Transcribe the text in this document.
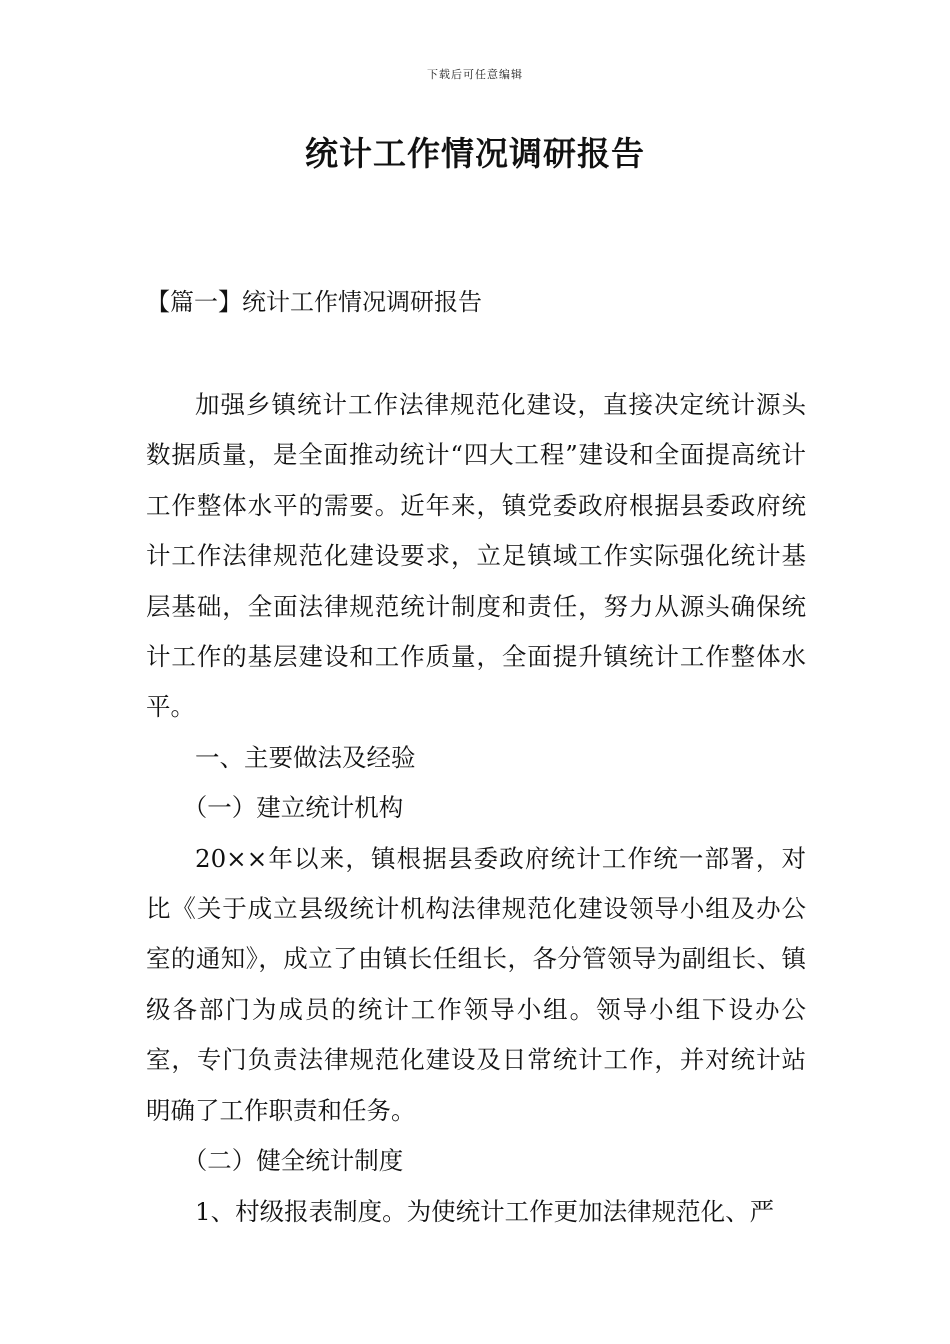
下载后可任意编辑
统计工作情况调研报告
【篇一】统计工作情况调研报告

加强乡镇统计工作法律规范化建设，直接决定统计源头数据质量，是全面推动统计“四大工程”建设和全面提高统计工作整体水平的需要。近年来，镇党委政府根据县委政府统计工作法律规范化建设要求，立足镇域工作实际强化统计基层基础，全面法律规范统计制度和责任，努力从源头确保统计工作的基层建设和工作质量，全面提升镇统计工作整体水平。

一、主要做法及经验

（一）建立统计机构

20××年以来，镇根据县委政府统计工作统一部署，对比《关于成立县级统计机构法律规范化建设领导小组及办公室的通知》，成立了由镇长任组长，各分管领导为副组长、镇级各部门为成员的统计工作领导小组。领导小组下设办公室，专门负责法律规范化建设及日常统计工作，并对统计站明确了工作职责和任务。

（二）健全统计制度

1、村级报表制度。为使统计工作更加法律规范化、严
